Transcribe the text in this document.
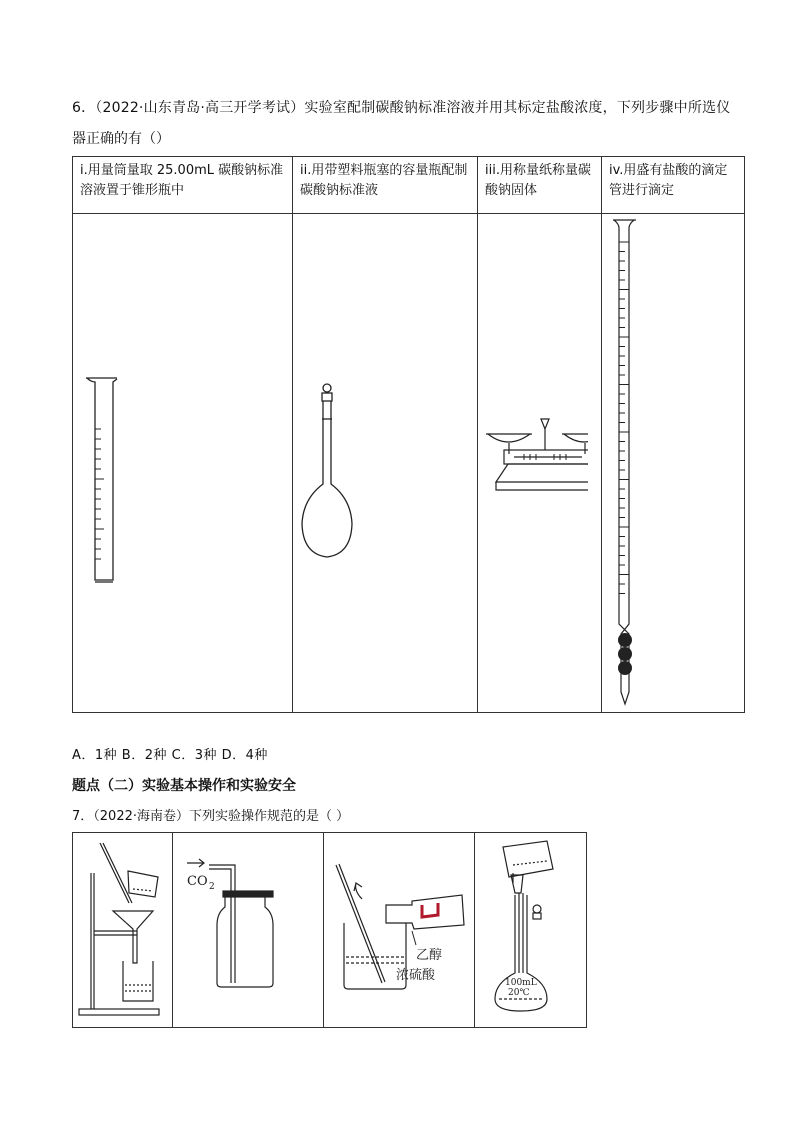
6．（2022·山东青岛·高三开学考试）实验室配制碳酸钠标准溶液并用其标定盐酸浓度，下列步骤中所选仪
器正确的有（）
i.用量筒量取 25.00mL 碳酸钠标准溶液置于锥形瓶中	ii.用带塑料瓶塞的容量瓶配制碳酸钠标准液	iii.用称量纸称量碳酸钠固体	iv.用盛有盐酸的滴定管进行滴定

A．1种 B．2种 C．3种 D．4种
题点（二）实验基本操作和实验安全
7．（2022·海南卷）下列实验操作规范的是（ ）

CO 2

乙醇
浓硫酸	100mL
20℃
